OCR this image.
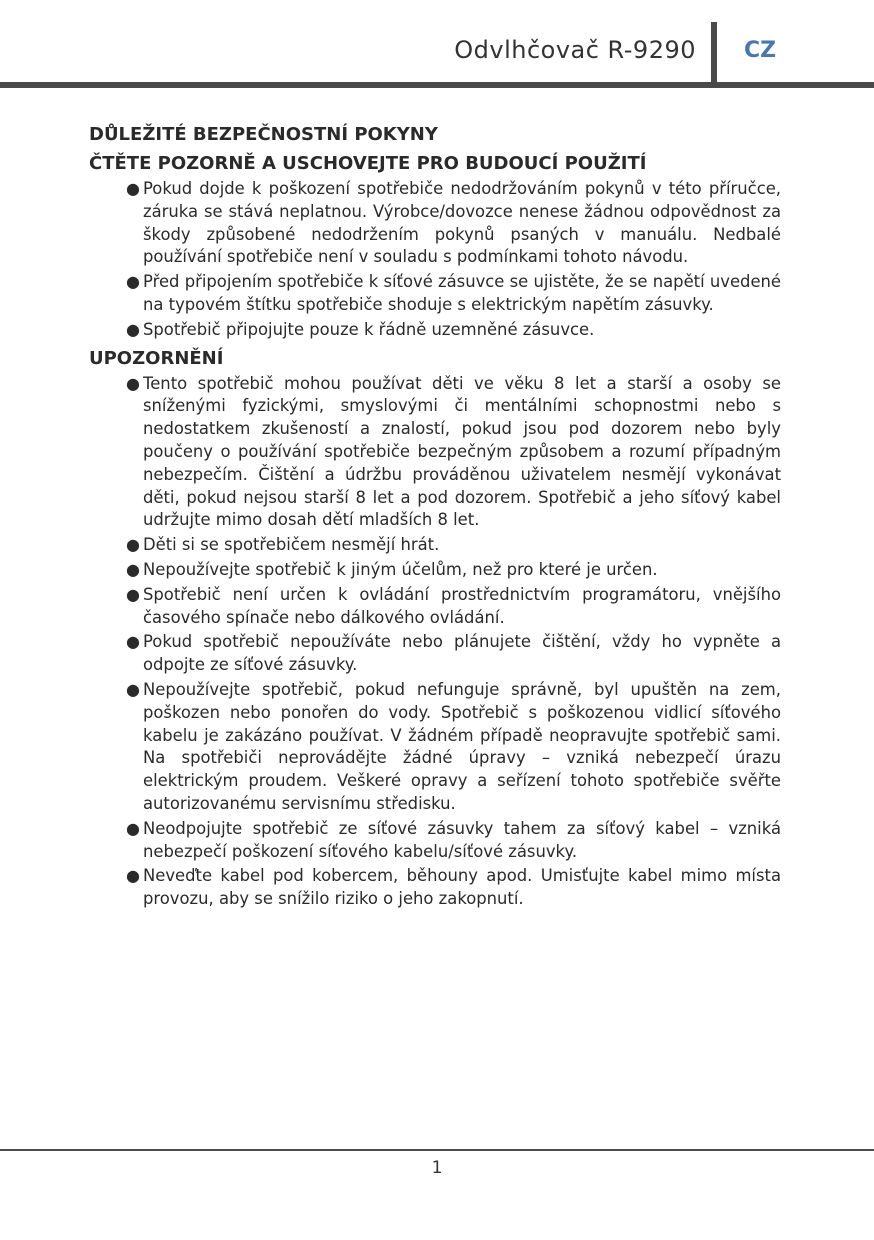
Odvlhčovač R-9290 CZ
DŮLEŽITÉ BEZPEČNOSTNÍ POKYNY
ČTĚTE POZORNĚ A USCHOVEJTE PRO BUDOUCÍ POUŽITÍ
● Pokud dojde k poškození spotřebiče nedodržováním pokynů v této příručce, záruka se stává neplatnou. Výrobce/dovozce nenese žádnou odpovědnost za škody způsobené nedodržením pokynů psaných v manuálu. Nedbalé používání spotřebiče není v souladu s podmínkami tohoto návodu.
● Před připojením spotřebiče k síťové zásuvce se ujistěte, že se napětí uvedené na typovém štítku spotřebiče shoduje s elektrickým napětím zásuvky.
● Spotřebič připojujte pouze k řádně uzemněné zásuvce.
UPOZORNĚNÍ
● Tento spotřebič mohou používat děti ve věku 8 let a starší a osoby se sníženými fyzickými, smyslovými či mentálními schopnostmi nebo s nedostatkem zkušeností a znalostí, pokud jsou pod dozorem nebo byly poučeny o používání spotřebiče bezpečným způsobem a rozumí případným nebezpečím. Čištění a údržbu prováděnou uživatelem nesmějí vykonávat děti, pokud nejsou starší 8 let a pod dozorem. Spotřebič a jeho síťový kabel udržujte mimo dosah dětí mladších 8 let.
● Děti si se spotřebičem nesmějí hrát.
● Nepoužívejte spotřebič k jiným účelům, než pro které je určen.
● Spotřebič není určen k ovládání prostřednictvím programátoru, vnějšího časového spínače nebo dálkového ovládání.
● Pokud spotřebič nepoužíváte nebo plánujete čištění, vždy ho vypněte a odpojte ze síťové zásuvky.
● Nepoužívejte spotřebič, pokud nefunguje správně, byl upuštěn na zem, poškozen nebo ponořen do vody. Spotřebič s poškozenou vidlicí síťového kabelu je zakázáno používat. V žádném případě neopravujte spotřebič sami. Na spotřebiči neprovádějte žádné úpravy – vzniká nebezpečí úrazu elektrickým proudem. Veškeré opravy a seřízení tohoto spotřebiče svěřte autorizovanému servisnímu středisku.
● Neodpojujte spotřebič ze síťové zásuvky tahem za síťový kabel – vzniká nebezpečí poškození síťového kabelu/síťové zásuvky.
● Neveďte kabel pod kobercem, běhouny apod. Umisťujte kabel mimo místa provozu, aby se snížilo riziko o jeho zakopnutí.
1
